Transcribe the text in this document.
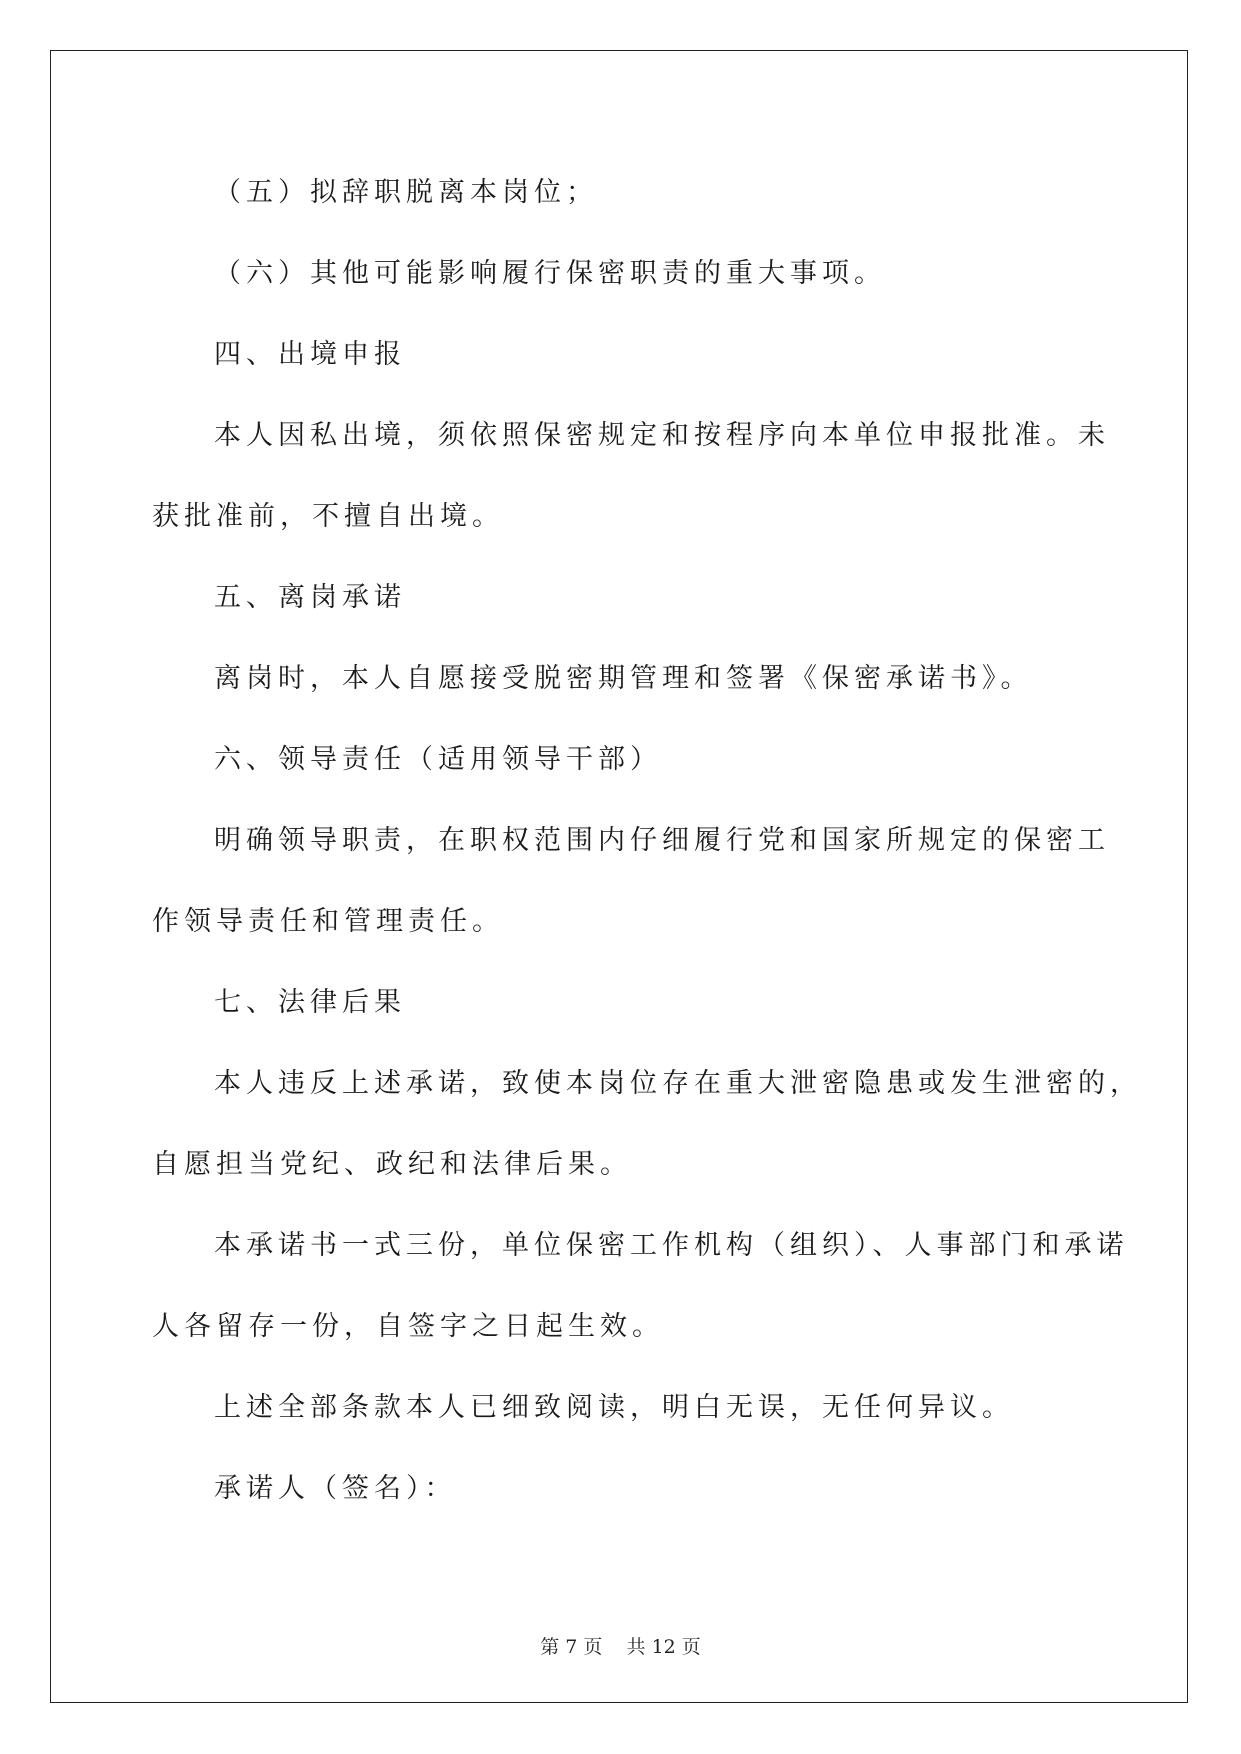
（五）拟辞职脱离本岗位；

（六）其他可能影响履行保密职责的重大事项。

四、出境申报

本人因私出境，须依照保密规定和按程序向本单位申报批准。未

获批准前，不擅自出境。

五、离岗承诺

离岗时，本人自愿接受脱密期管理和签署《保密承诺书》。

六、领导责任（适用领导干部）

明确领导职责，在职权范围内仔细履行党和国家所规定的保密工

作领导责任和管理责任。

七、法律后果

本人违反上述承诺，致使本岗位存在重大泄密隐患或发生泄密的，

自愿担当党纪、政纪和法律后果。

本承诺书一式三份，单位保密工作机构（组织）、人事部门和承诺

人各留存一份，自签字之日起生效。

上述全部条款本人已细致阅读，明白无误，无任何异议。

承诺人（签名）：

第 7 页    共 12 页
